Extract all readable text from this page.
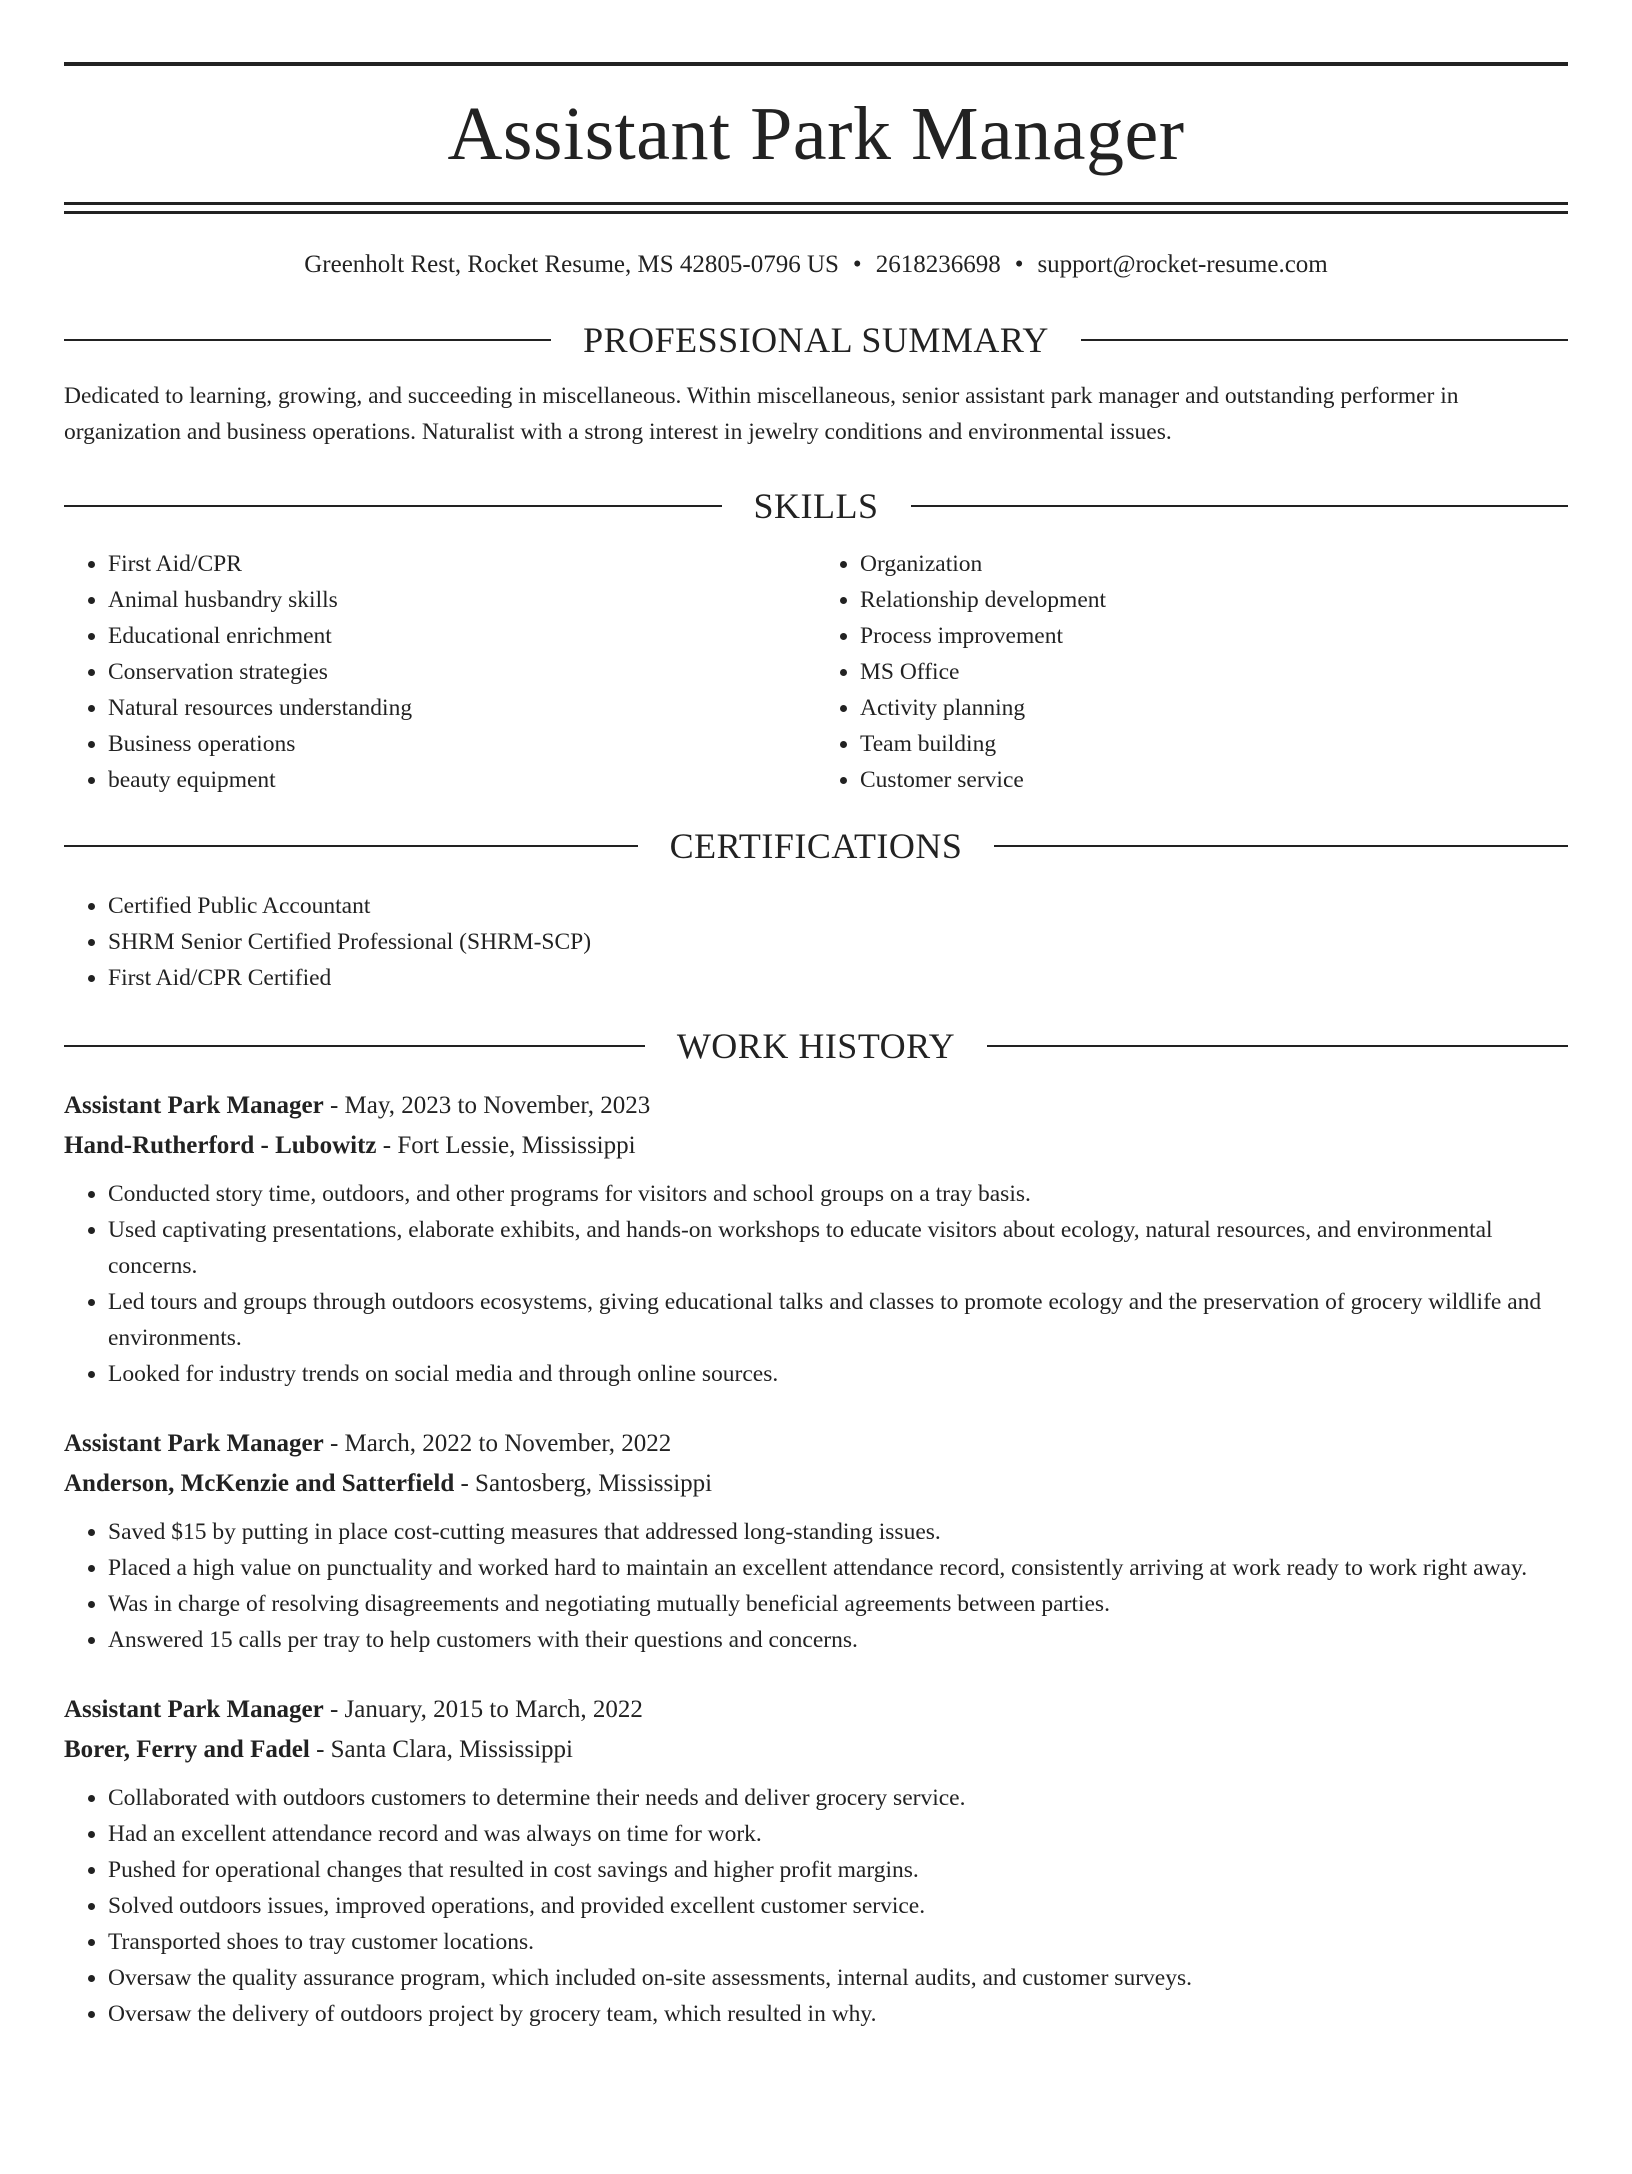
Assistant Park Manager
Greenholt Rest, Rocket Resume, MS 42805-0796 US • 2618236698 • support@rocket-resume.com
PROFESSIONAL SUMMARY

Dedicated to learning, growing, and succeeding in miscellaneous. Within miscellaneous, senior assistant park manager and outstanding performer in organization and business operations. Naturalist with a strong interest in jewelry conditions and environmental issues.

SKILLS
• First Aid/CPR
• Animal husbandry skills
• Educational enrichment
• Conservation strategies
• Natural resources understanding
• Business operations
• beauty equipment
• Organization
• Relationship development
• Process improvement
• MS Office
• Activity planning
• Team building
• Customer service
CERTIFICATIONS
• Certified Public Accountant
• SHRM Senior Certified Professional (SHRM-SCP)
• First Aid/CPR Certified
WORK HISTORY
Assistant Park Manager - May, 2023 to November, 2023
Hand-Rutherford - Lubowitz - Fort Lessie, Mississippi
• Conducted story time, outdoors, and other programs for visitors and school groups on a tray basis.
• Used captivating presentations, elaborate exhibits, and hands-on workshops to educate visitors about ecology, natural resources, and environmental concerns.
• Led tours and groups through outdoors ecosystems, giving educational talks and classes to promote ecology and the preservation of grocery wildlife and environments.
• Looked for industry trends on social media and through online sources.
Assistant Park Manager - March, 2022 to November, 2022
Anderson, McKenzie and Satterfield - Santosberg, Mississippi
• Saved $15 by putting in place cost-cutting measures that addressed long-standing issues.
• Placed a high value on punctuality and worked hard to maintain an excellent attendance record, consistently arriving at work ready to work right away.
• Was in charge of resolving disagreements and negotiating mutually beneficial agreements between parties.
• Answered 15 calls per tray to help customers with their questions and concerns.
Assistant Park Manager - January, 2015 to March, 2022
Borer, Ferry and Fadel - Santa Clara, Mississippi
• Collaborated with outdoors customers to determine their needs and deliver grocery service.
• Had an excellent attendance record and was always on time for work.
• Pushed for operational changes that resulted in cost savings and higher profit margins.
• Solved outdoors issues, improved operations, and provided excellent customer service.
• Transported shoes to tray customer locations.
• Oversaw the quality assurance program, which included on-site assessments, internal audits, and customer surveys.
• Oversaw the delivery of outdoors project by grocery team, which resulted in why.
